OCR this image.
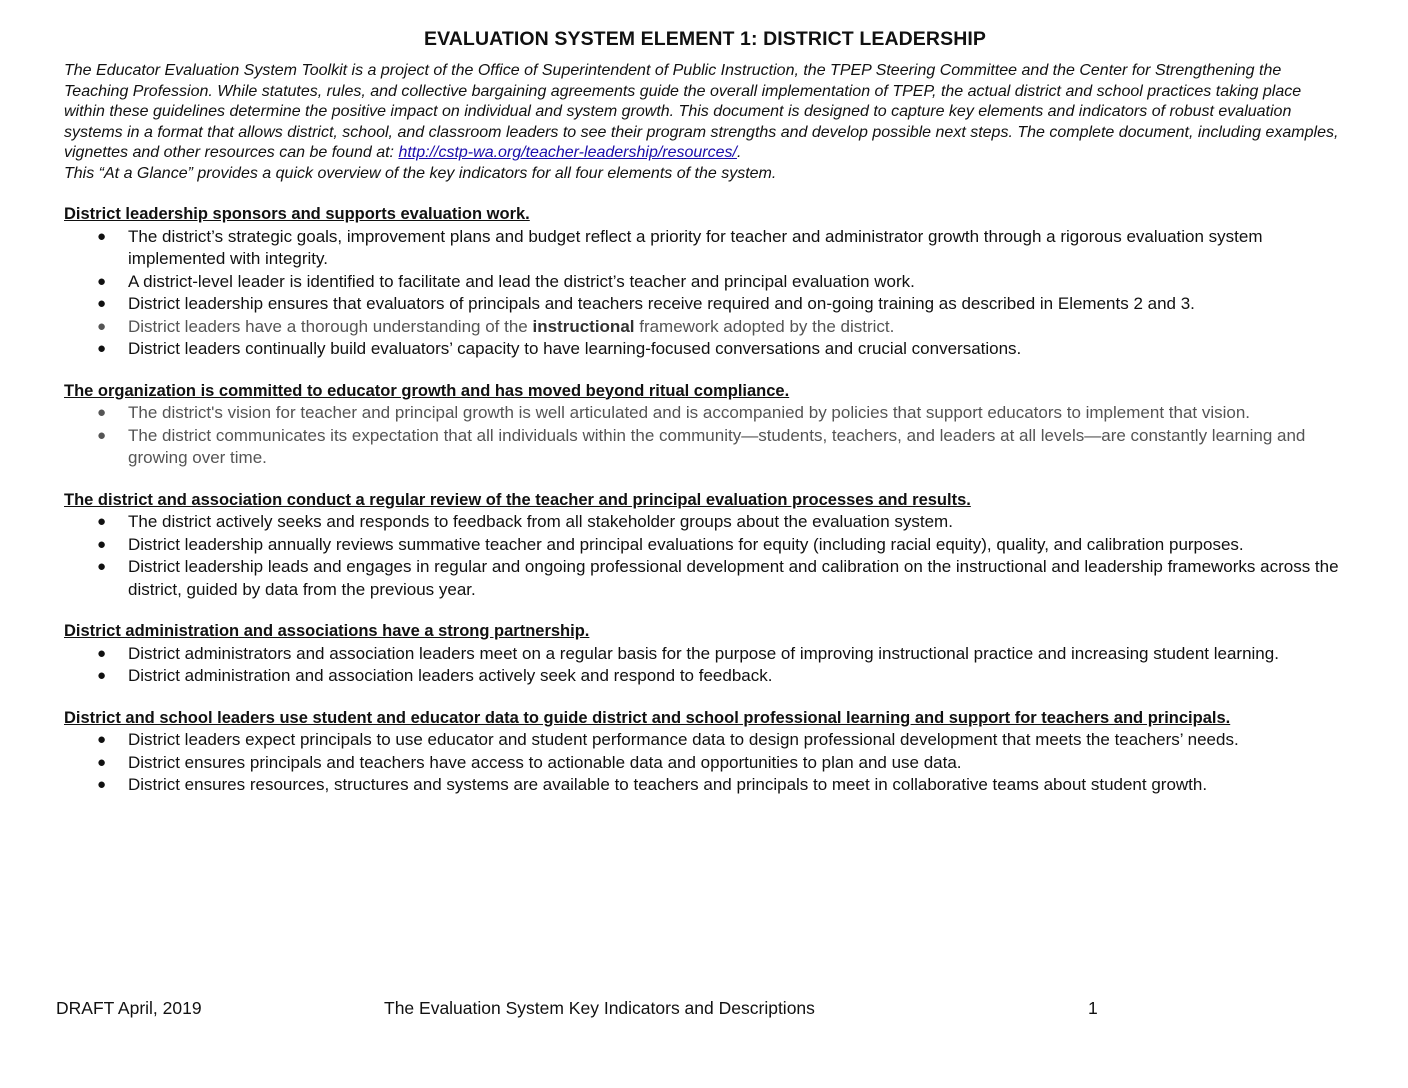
EVALUATION SYSTEM ELEMENT 1: DISTRICT LEADERSHIP

The Educator Evaluation System Toolkit is a project of the Office of Superintendent of Public Instruction, the TPEP Steering Committee and the Center for Strengthening the Teaching Profession. While statutes, rules, and collective bargaining agreements guide the overall implementation of TPEP, the actual district and school practices taking place within these guidelines determine the positive impact on individual and system growth. This document is designed to capture key elements and indicators of robust evaluation systems in a format that allows district, school, and classroom leaders to see their program strengths and develop possible next steps. The complete document, including examples, vignettes and other resources can be found at: http://cstp-wa.org/teacher-leadership/resources/.
This “At a Glance” provides a quick overview of the key indicators for all four elements of the system.

District leadership sponsors and supports evaluation work.

● The district’s strategic goals, improvement plans and budget reflect a priority for teacher and administrator growth through a rigorous evaluation system implemented with integrity.
● A district-level leader is identified to facilitate and lead the district’s teacher and principal evaluation work.
● District leadership ensures that evaluators of principals and teachers receive required and on-going training as described in Elements 2 and 3.
● District leaders have a thorough understanding of the instructional framework adopted by the district.
● District leaders continually build evaluators’ capacity to have learning-focused conversations and crucial conversations.

The organization is committed to educator growth and has moved beyond ritual compliance.

● The district's vision for teacher and principal growth is well articulated and is accompanied by policies that support educators to implement that vision.
● The district communicates its expectation that all individuals within the community—students, teachers, and leaders at all levels—are constantly learning and growing over time.

The district and association conduct a regular review of the teacher and principal evaluation processes and results.

● The district actively seeks and responds to feedback from all stakeholder groups about the evaluation system.
● District leadership annually reviews summative teacher and principal evaluations for equity (including racial equity), quality, and calibration purposes.
● District leadership leads and engages in regular and ongoing professional development and calibration on the instructional and leadership frameworks across the district, guided by data from the previous year.

District administration and associations have a strong partnership.

● District administrators and association leaders meet on a regular basis for the purpose of improving instructional practice and increasing student learning.
● District administration and association leaders actively seek and respond to feedback.

District and school leaders use student and educator data to guide district and school professional learning and support for teachers and principals.

● District leaders expect principals to use educator and student performance data to design professional development that meets the teachers’ needs.
● District ensures principals and teachers have access to actionable data and opportunities to plan and use data.
● District ensures resources, structures and systems are available to teachers and principals to meet in collaborative teams about student growth.
DRAFT April, 2019	The Evaluation System Key Indicators and Descriptions	1
